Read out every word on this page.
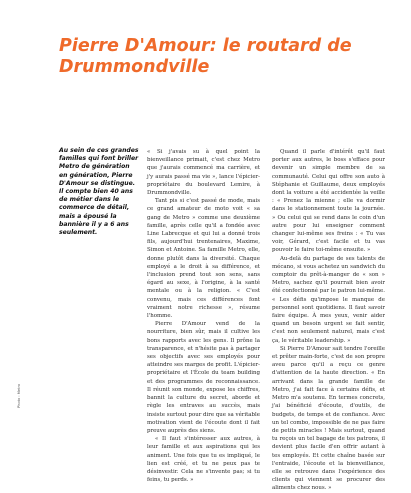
Pierre D'Amour: le routard de Drummondville

Au sein de ces grandes familles qui font briller Metro de génération en génération, Pierre D'Amour se distingue. Il compte bien 40 ans de métier dans le commerce de détail, mais a épousé la bannière il y a 6 ans seulement.

Photo : Metro

« Si j'avais su à quel point la bienveillance primait, c'est chez Metro que j'aurais commencé ma carrière, et j'y aurais passé ma vie », lance l'épicier-propriétaire du boulevard Lemire, à Drummondville.

Tant pis si c'est passé de mode, mais ce grand amateur de moto voit « sa gang de Metro » comme une deuxième famille, après celle qu'il a fondée avec Line Labrecque et qui lui a donné trois fils, aujourd'hui trentenaires, Maxime, Simon et Antoine. Sa famille Metro, elle, donne plutôt dans la diversité. Chaque employé a le droit à sa différence, et l'inclusion prend tout son sens, sans égard au sexe, à l'origine, à la santé mentale ou à la religion. « C'est convenu, mais ces différences font vraiment notre richesse », résume l'homme.

Pierre D'Amour vend de la nourriture, bien sûr, mais il cultive les bons rapports avec les gens. Il prône la transparence, et n'hésite pas à partager ses objectifs avec ses employés pour atteindre ses marges de profit. L'épicier-propriétaire et l'École du team building et des programmes de reconnaissance. Il réunit son monde, expose les chiffres, bannit la culture du secret, aborde et règle les entraves au succès, mais insiste surtout pour dire que sa véritable motivation vient de l'écoute dont il fait preuve auprès des siens.

« Il faut s'intéresser aux autres, à leur famille et aux aspirations qui les animent. Une fois que tu es impliqué, le lien est créé, et tu ne peux pas te désinvestir. Cela ne s'invente pas; si tu feins, tu perds. »

Quand il parle d'intérêt qu'il faut porter aux autres, le boss s'efface pour devenir un simple membre de sa communauté. Celui qui offre son auto à Stéphanie et Guillaume, deux employés dont la voiture a été accidentée la veille : « Prenez la mienne ; elle va dormir dans le stationnement toute la journée. » Ou celui qui se rend dans le coin d'un autre pour lui enseigner comment changer lui-même ses freins : « Tu vas voir, Gérard, c'est facile et tu vas pouvoir le faire toi-même ensuite. »

Au-delà du partage de ses talents de mécano, si vous achetez un sandwich du comptoir du prêt-à-manger de « son » Metro, sachez qu'il pourrait bien avoir été confectionné par le patron lui-même. « Les défis qu'impose le manque de personnel sont quotidiens. Il faut savoir faire équipe. À mes yeux, venir aider quand un besoin urgent se fait sentir, c'est non seulement naturel, mais c'est ça, le véritable leadership. »

Si Pierre D'Amour sait tendre l'oreille et prêter main-forte, c'est de son propre aveu parce qu'il a reçu ce genre d'attention de la haute direction. « En arrivant dans la grande famille de Metro, j'ai fait face à certains défis, et Metro m'a soutenu. En termes concrets, j'ai bénéficié d'écoute, d'outils, de budgets, de temps et de confiance. Avec un tel combo, impossible de ne pas faire de petits miracles ! Mais surtout, quand tu reçois un tel bagage de tes patrons, il devient plus facile d'en offrir autant à tes employés. Et cette chaîne basée sur l'entraide, l'écoute et la bienveillance, elle se retrouve dans l'expérience des clients qui viennent se procurer des aliments chez nous. »
